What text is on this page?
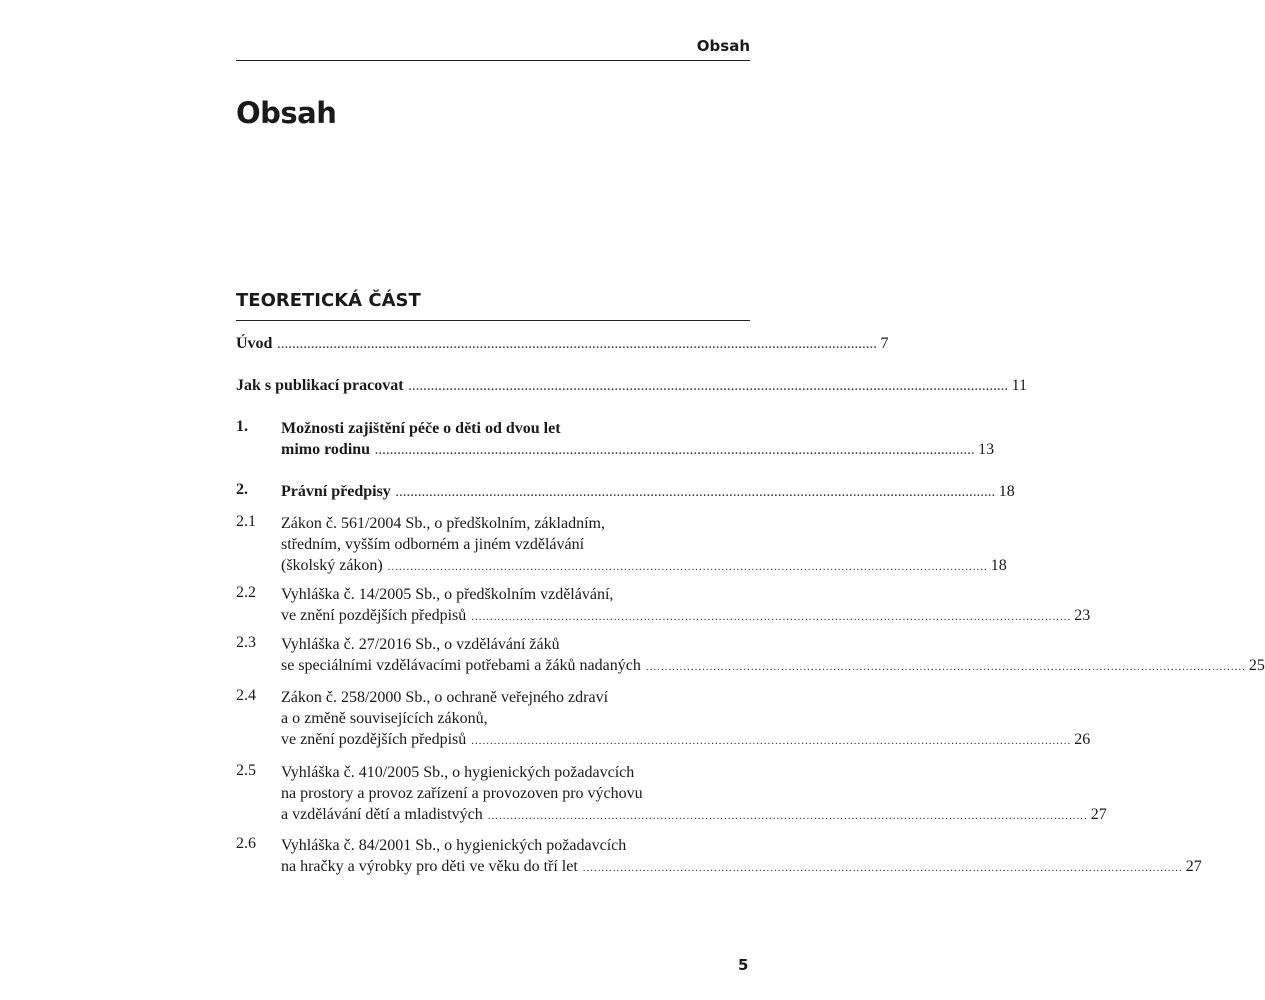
Obsah
Obsah
TEORETICKÁ ČÁST
Úvod ................................................................................................................................................................ 7
Jak s publikací pracovat ................................................................................................................................................................ 11
1.	Možnosti zajištění péče o děti od dvou let
mimo rodinu ................................................................................................................................................................ 13
2.	Právní předpisy ................................................................................................................................................................ 18
2.1	Zákon č. 561/2004 Sb., o předškolním, základním,
středním, vyšším odborném a jiném vzdělávání
(školský zákon) ................................................................................................................................................................ 18
2.2	Vyhláška č. 14/2005 Sb., o předškolním vzdělávání,
ve znění pozdějších předpisů ................................................................................................................................................................ 23
2.3	Vyhláška č. 27/2016 Sb., o vzdělávání žáků
se speciálními vzdělávacími potřebami a žáků nadaných ................................................................................................................................................................ 25
2.4	Zákon č. 258/2000 Sb., o ochraně veřejného zdraví
a o změně souvisejících zákonů,
ve znění pozdějších předpisů ................................................................................................................................................................ 26
2.5	Vyhláška č. 410/2005 Sb., o hygienických požadavcích
na prostory a provoz zařízení a provozoven pro výchovu
a vzdělávání dětí a mladistvých ................................................................................................................................................................ 27
2.6	Vyhláška č. 84/2001 Sb., o hygienických požadavcích
na hračky a výrobky pro děti ve věku do tří let ................................................................................................................................................................ 27
5
